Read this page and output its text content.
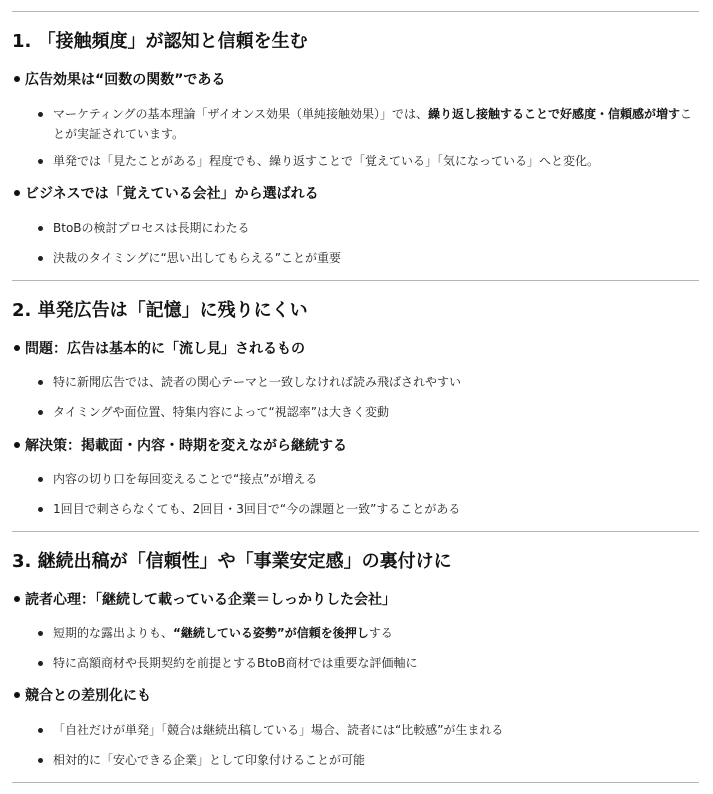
1. 「接触頻度」が認知と信頼を生む
広告効果は“回数の関数”である
マーケティングの基本理論「ザイオンス効果（単純接触効果）」では、繰り返し接触することで好感度・信頼感が増すことが実証されています。
単発では「見たことがある」程度でも、繰り返すことで「覚えている」「気になっている」へと変化。
ビジネスでは「覚えている会社」から選ばれる
BtoBの検討プロセスは長期にわたる
決裁のタイミングに“思い出してもらえる”ことが重要
2. 単発広告は「記憶」に残りにくい
問題：広告は基本的に「流し見」されるもの
特に新聞広告では、読者の関心テーマと一致しなければ読み飛ばされやすい
タイミングや面位置、特集内容によって“視認率”は大きく変動
解決策：掲載面・内容・時期を変えながら継続する
内容の切り口を毎回変えることで“接点”が増える
1回目で刺さらなくても、2回目・3回目で“今の課題と一致”することがある
3. 継続出稿が「信頼性」や「事業安定感」の裏付けに
読者心理：「継続して載っている企業＝しっかりした会社」
短期的な露出よりも、“継続している姿勢”が信頼を後押しする
特に高額商材や長期契約を前提とするBtoB商材では重要な評価軸に
競合との差別化にも
「自社だけが単発」「競合は継続出稿している」場合、読者には“比較感”が生まれる
相対的に「安心できる企業」として印象付けることが可能
